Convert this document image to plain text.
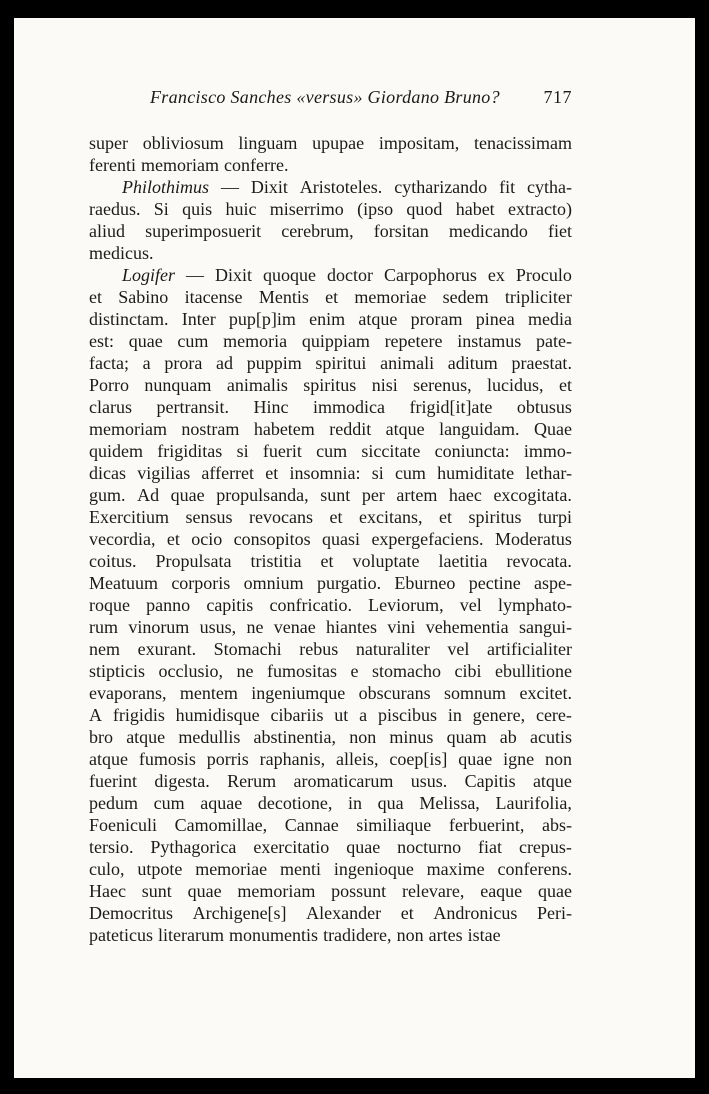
Francisco Sanches «versus» Giordano Bruno? 717
super obliviosum linguam upupae impositam, tenacissimam
ferenti memoriam conferre.
Philothimus — Dixit Aristoteles. cytharizando fit cytha-
raedus. Si quis huic miserrimo (ipso quod habet extracto)
aliud superimposuerit cerebrum, forsitan medicando fiet
medicus.
Logifer — Dixit quoque doctor Carpophorus ex Proculo
et Sabino itacense Mentis et memoriae sedem tripliciter
distinctam. Inter pup[p]im enim atque proram pinea media
est: quae cum memoria quippiam repetere instamus pate-
facta; a prora ad puppim spiritui animali aditum praestat.
Porro nunquam animalis spiritus nisi serenus, lucidus, et
clarus pertransit. Hinc immodica frigid[it]ate obtusus
memoriam nostram habetem reddit atque languidam. Quae
quidem frigiditas si fuerit cum siccitate coniuncta: immo-
dicas vigilias afferret et insomnia: si cum humiditate lethar-
gum. Ad quae propulsanda, sunt per artem haec excogitata.
Exercitium sensus revocans et excitans, et spiritus turpi
vecordia, et ocio consopitos quasi expergefaciens. Moderatus
coitus. Propulsata tristitia et voluptate laetitia revocata.
Meatuum corporis omnium purgatio. Eburneo pectine aspe-
roque panno capitis confricatio. Leviorum, vel lymphato-
rum vinorum usus, ne venae hiantes vini vehementia sangui-
nem exurant. Stomachi rebus naturaliter vel artificialiter
stipticis occlusio, ne fumositas e stomacho cibi ebullitione
evaporans, mentem ingeniumque obscurans somnum excitet.
A frigidis humidisque cibariis ut a piscibus in genere, cere-
bro atque medullis abstinentia, non minus quam ab acutis
atque fumosis porris raphanis, alleis, coep[is] quae igne non
fuerint digesta. Rerum aromaticarum usus. Capitis atque
pedum cum aquae decotione, in qua Melissa, Laurifolia,
Foeniculi Camomillae, Cannae similiaque ferbuerint, abs-
tersio. Pythagorica exercitatio quae nocturno fiat crepus-
culo, utpote memoriae menti ingenioque maxime conferens.
Haec sunt quae memoriam possunt relevare, eaque quae
Democritus Archigene[s] Alexander et Andronicus Peri-
pateticus literarum monumentis tradidere, non artes istae
